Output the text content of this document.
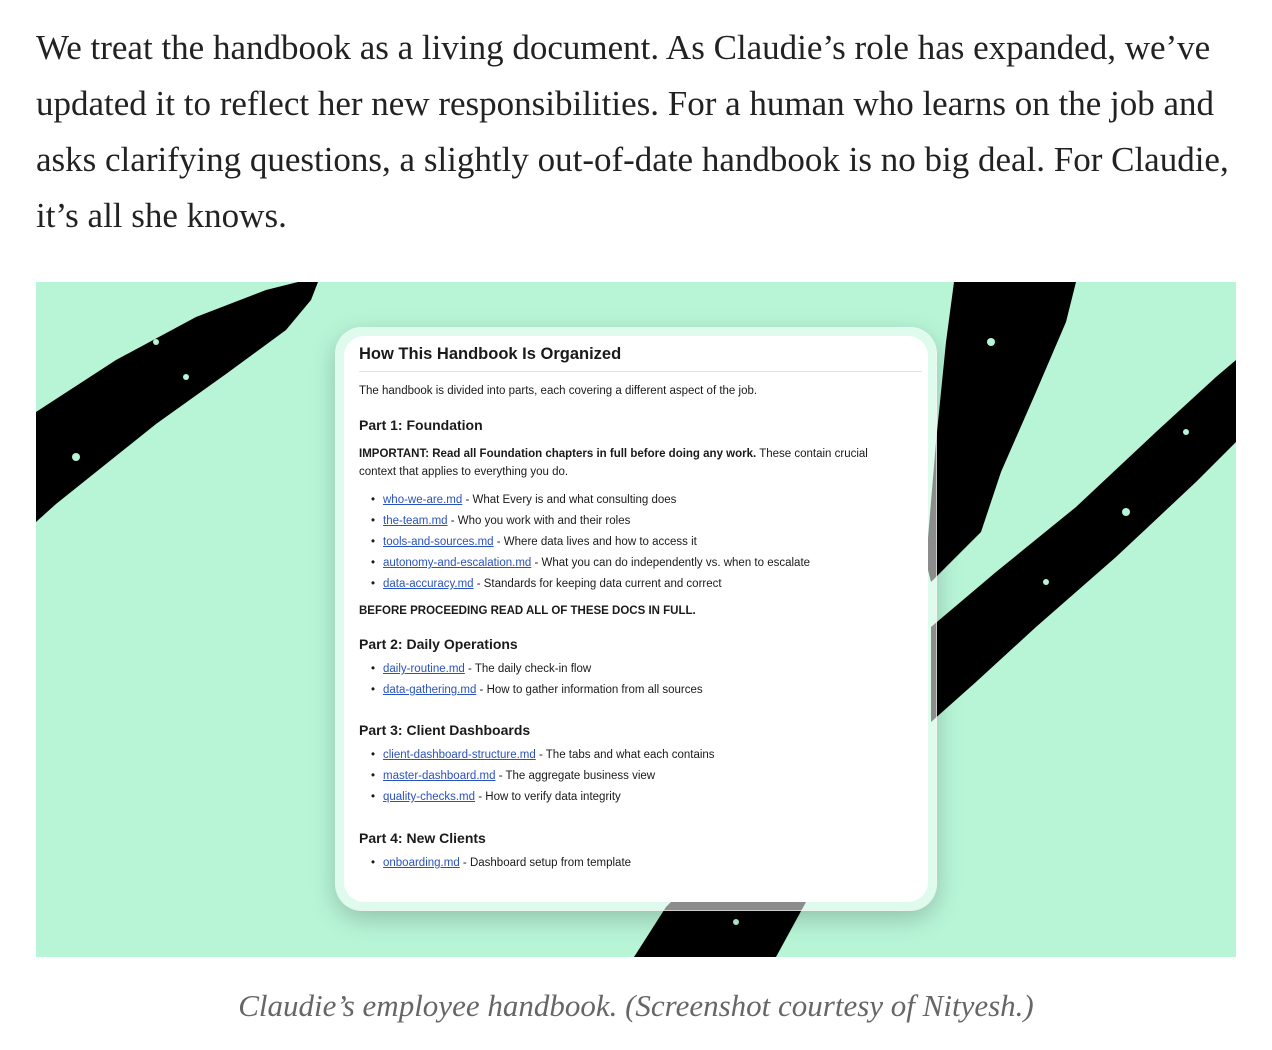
We treat the handbook as a living document. As Claudie’s role has expanded, we’ve updated it to reflect her new responsibilities. For a human who learns on the job and asks clarifying questions, a slightly out-of-date handbook is no big deal. For Claudie, it’s all she knows.

How This Handbook Is Organized

The handbook is divided into parts, each covering a different aspect of the job.

Part 1: Foundation

IMPORTANT: Read all Foundation chapters in full before doing any work. These contain crucial context that applies to everything you do.

• who-we-are.md - What Every is and what consulting does
• the-team.md - Who you work with and their roles
• tools-and-sources.md - Where data lives and how to access it
• autonomy-and-escalation.md - What you can do independently vs. when to escalate
• data-accuracy.md - Standards for keeping data current and correct

BEFORE PROCEEDING READ ALL OF THESE DOCS IN FULL.

Part 2: Daily Operations
• daily-routine.md - The daily check-in flow
• data-gathering.md - How to gather information from all sources
Part 3: Client Dashboards
• client-dashboard-structure.md - The tabs and what each contains
• master-dashboard.md - The aggregate business view
• quality-checks.md - How to verify data integrity
Part 4: New Clients
• onboarding.md - Dashboard setup from template

Claudie’s employee handbook. (Screenshot courtesy of Nityesh.)
